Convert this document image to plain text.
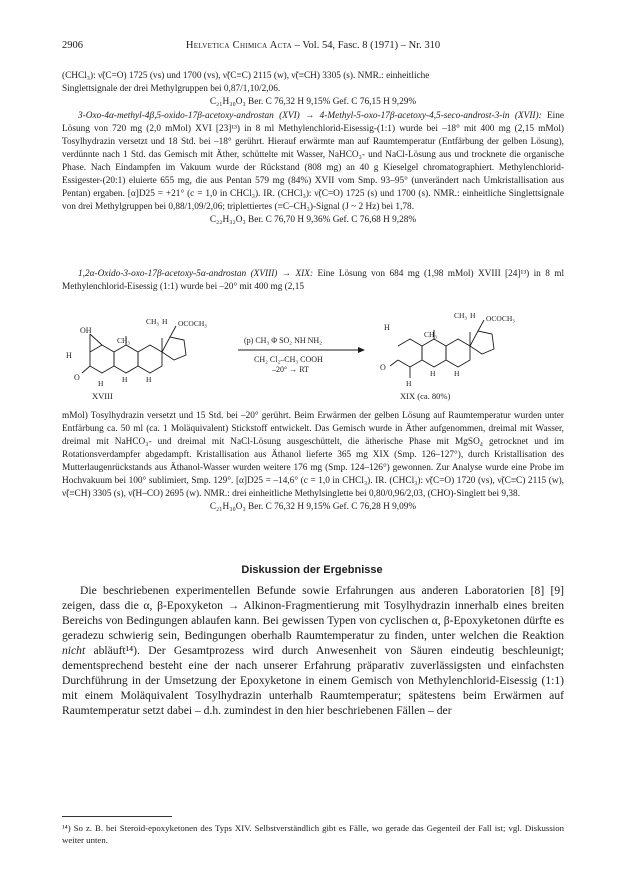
2906	Helvetica Chimica Acta – Vol. 54, Fasc. 8 (1971) – Nr. 310

(CHCl₃): ν̃(C=O) 1725 (vs) und 1700 (vs), ν̃(C≡C) 2115 (w), ν̃(≡CH) 3305 (s). NMR.: einheitliche

Singlettsignale der drei Methylgruppen bei 0,87/1,10/2,06.

C₂₁H₃₀O₃ Ber. C 76,32 H 9,15% Gef. C 76,15 H 9,29%

3-Oxo-4α-methyl-4β,5-oxido-17β-acetoxy-androstan (XVI) → 4-Methyl-5-oxo-17β-acetoxy-4,5-seco-androst-3-in (XVII): Eine Lösung von 720 mg (2,0 mMol) XVI [23]¹³) in 8 ml Methylenchlorid-Eisessig-(1:1) wurde bei –18° mit 400 mg (2,15 mMol) Tosylhydrazin versetzt und 18 Std. bei –18° gerührt. Hierauf erwärmte man auf Raumtemperatur (Entfärbung der gelben Lösung), verdünnte nach 1 Std. das Gemisch mit Äther, schüttelte mit Wasser, NaHCO₃- und NaCl-Lösung aus und trocknete die organische Phase. Nach Eindampfen im Vakuum wurde der Rückstand (808 mg) an 40 g Kieselgel chromatographiert. Methylenchlorid-Essigester-(20:1) eluierte 655 mg, die aus Pentan 579 mg (84%) XVII vom Smp. 93–95° (unverändert nach Umkristallisation aus Pentan) ergaben. [α]D25 = +21° (c = 1,0 in CHCl₃). IR. (CHCl₃): ν̃(C=O) 1725 (s) und 1700 (s). NMR.: einheitliche Singlettsignale von drei Methylgruppen bei 0,88/1,09/2,06; triplettiertes (≡C–CH₃)-Signal (J ~ 2 Hz) bei 1,78.

C₂₂H₃₂O₃ Ber. C 76,70 H 9,36% Gef. C 76,68 H 9,28%

1,2α-Oxido-3-oxo-17β-acetoxy-5α-androstan (XVIII) → XIX: Eine Lösung von 684 mg (1,98 mMol) XVIII [24]¹³) in 8 ml Methylenchlorid-Eisessig (1:1) wurde bei –20° mit 400 mg (2,15

H
OH
O
CH₃
CH₃ H OCOCH₃
H H
H
XVIII
(p) CH₃ Φ SO₂ NH NH₂
CH₂ Cl₂–CH₃ COOH
–20° → RT
H
O
CH₃
CH₃ H OCOCH₃
H H
H
XIX (ca. 80%)

mMol) Tosylhydrazin versetzt und 15 Std. bei –20° gerührt. Beim Erwärmen der gelben Lösung auf Raumtemperatur wurden unter Entfärbung ca. 50 ml (ca. 1 Moläquivalent) Stickstoff entwickelt. Das Gemisch wurde in Äther aufgenommen, dreimal mit Wasser, dreimal mit NaHCO₃- und dreimal mit NaCl-Lösung ausgeschüttelt, die ätherische Phase mit MgSO₄ getrocknet und im Rotationsverdampfer abgedampft. Kristallisation aus Äthanol lieferte 365 mg XIX (Smp. 126–127°), durch Kristallisation des Mutterlaugenrückstands aus Äthanol-Wasser wurden weitere 176 mg (Smp. 124–126°) gewonnen. Zur Analyse wurde eine Probe im Hochvakuum bei 100° sublimiert, Smp. 129°. [α]D25 = –14,6° (c = 1,0 in CHCl₃). IR. (CHCl₃): ν̃(C=O) 1720 (vs), ν̃(C≡C) 2115 (w), ν̃(≡CH) 3305 (s), ν̃(H–CO) 2695 (w). NMR.: drei einheitliche Methylsinglette bei 0,80/0,96/2,03, (CHO)-Singlett bei 9,38.

C₂₁H₃₀O₃ Ber. C 76,32 H 9,15% Gef. C 76,28 H 9,09%

Diskussion der Ergebnisse

Die beschriebenen experimentellen Befunde sowie Erfahrungen aus anderen Laboratorien [8] [9] zeigen, dass die α, β-Epoxyketon → Alkinon-Fragmentierung mit Tosylhydrazin innerhalb eines breiten Bereichs von Bedingungen ablaufen kann. Bei gewissen Typen von cyclischen α, β-Epoxyketonen dürfte es geradezu schwierig sein, Bedingungen oberhalb Raumtemperatur zu finden, unter welchen die Reaktion nicht abläuft¹⁴). Der Gesamtprozess wird durch Anwesenheit von Säuren eindeutig beschleunigt; dementsprechend besteht eine der nach unserer Erfahrung präparativ zuverlässigsten und einfachsten Durchführung in der Umsetzung der Epoxyketone in einem Gemisch von Methylenchlorid-Eisessig (1:1) mit einem Moläquivalent Tosylhydrazin unterhalb Raumtemperatur; spätestens beim Erwärmen auf Raumtemperatur setzt dabei – d.h. zumindest in den hier beschriebenen Fällen – der

¹⁴) So z. B. bei Steroid-epoxyketonen des Typs XIV. Selbstverständlich gibt es Fälle, wo gerade das Gegenteil der Fall ist; vgl. Diskussion weiter unten.
